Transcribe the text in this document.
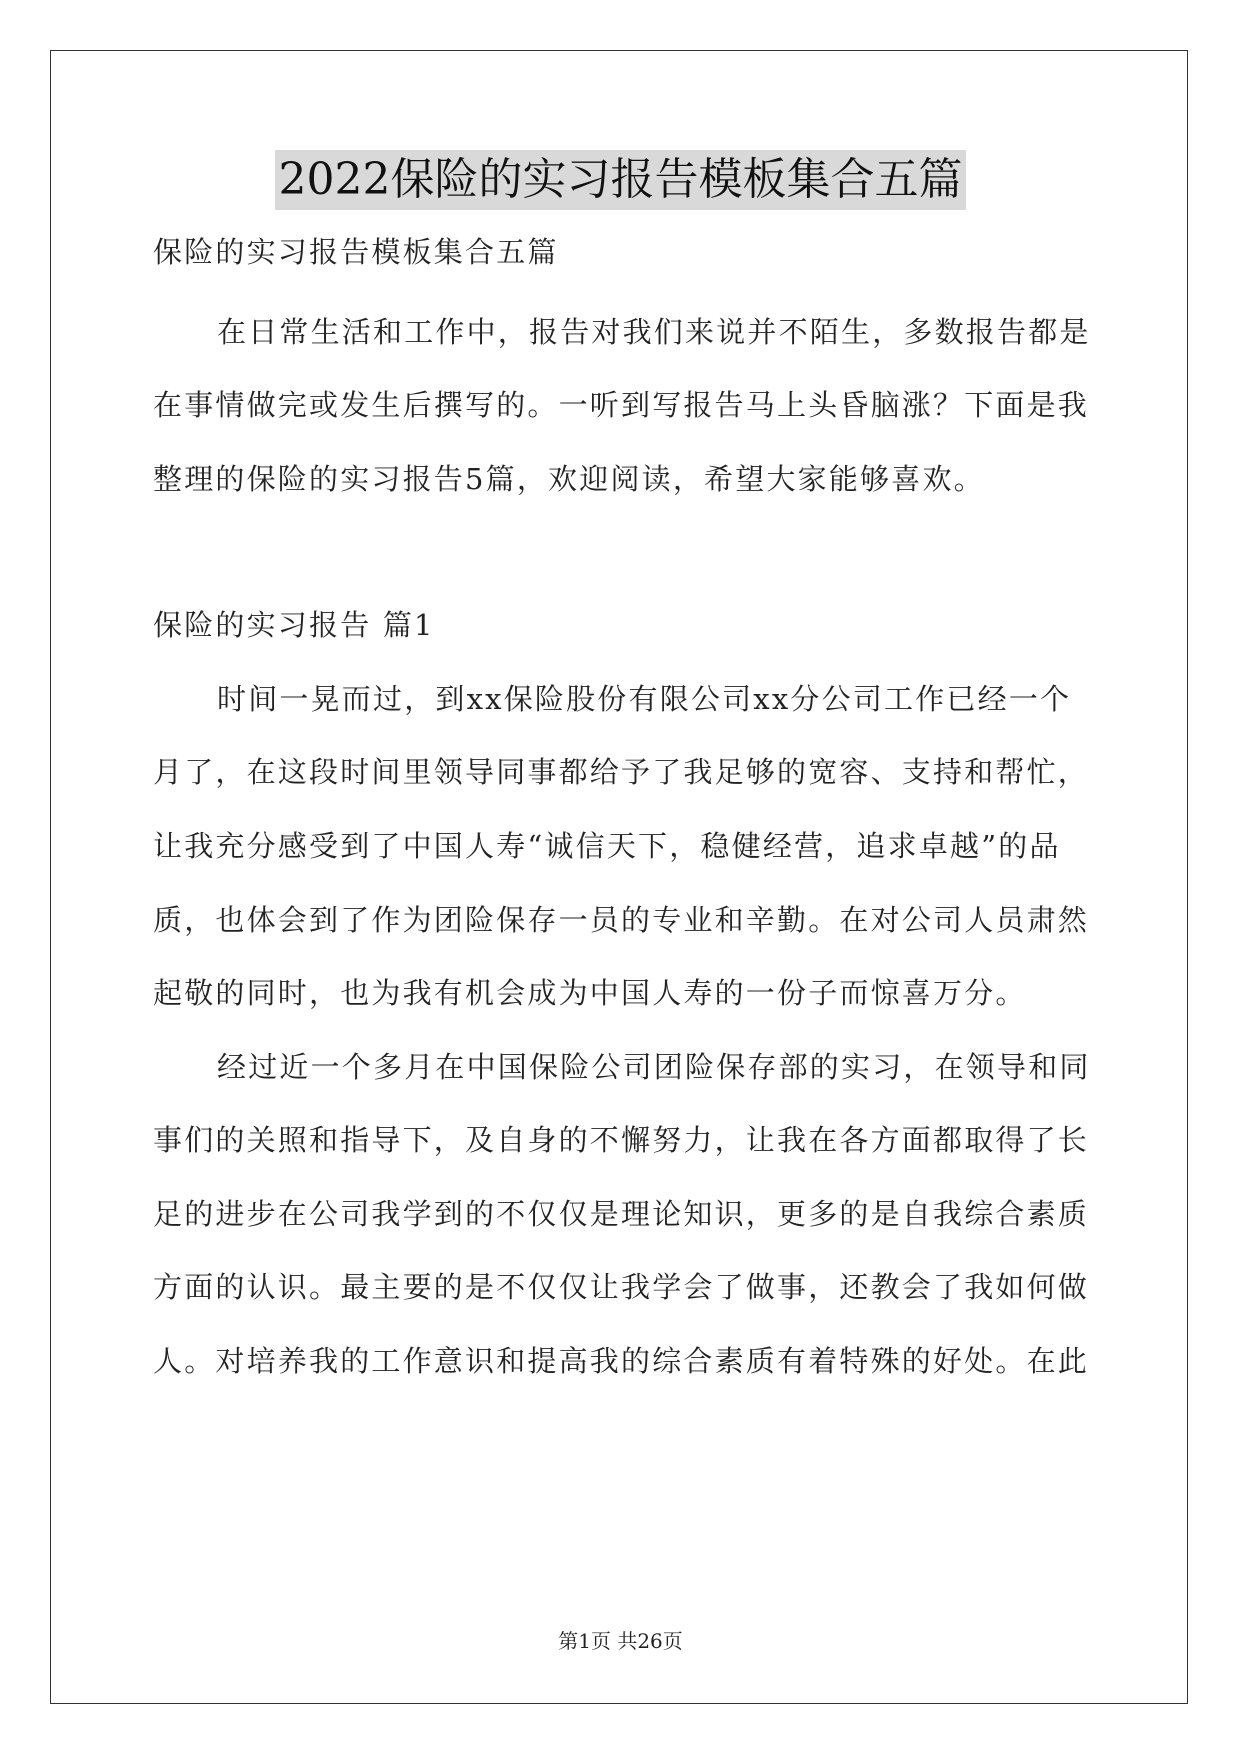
2022保险的实习报告模板集合五篇
保险的实习报告模板集合五篇
在日常生活和工作中，报告对我们来说并不陌生，多数报告都是
在事情做完或发生后撰写的。一听到写报告马上头昏脑涨？下面是我
整理的保险的实习报告5篇，欢迎阅读，希望大家能够喜欢。
保险的实习报告 篇1
时间一晃而过，到xx保险股份有限公司xx分公司工作已经一个
月了，在这段时间里领导同事都给予了我足够的宽容、支持和帮忙，
让我充分感受到了中国人寿“诚信天下，稳健经营，追求卓越”的品
质，也体会到了作为团险保存一员的专业和辛勤。在对公司人员肃然
起敬的同时，也为我有机会成为中国人寿的一份子而惊喜万分。
经过近一个多月在中国保险公司团险保存部的实习，在领导和同
事们的关照和指导下，及自身的不懈努力，让我在各方面都取得了长
足的进步在公司我学到的不仅仅是理论知识，更多的是自我综合素质
方面的认识。最主要的是不仅仅让我学会了做事，还教会了我如何做
人。对培养我的工作意识和提高我的综合素质有着特殊的好处。在此
第1页 共26页
